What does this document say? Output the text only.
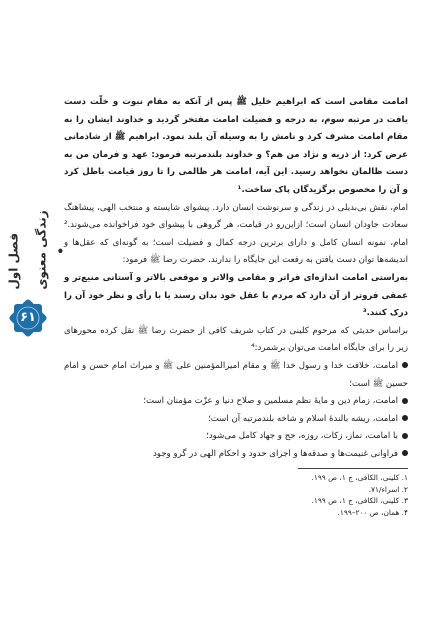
فصل اول	•
زندگی معنوی
۶۱

امامت مقامی است که ابراهیم خلیل ﷺ پس از آنکه به مقام نبوت و خلّت دست یافت در مرتبه سوم، به درجه و فضیلت امامت مفتخر گردید و خداوند ایشان را به مقام امامت مشرف کرد و نامش را به وسیله آن بلند نمود. ابراهیم ﷺ از شادمانی عرض کرد: از ذریه و نژاد من هم؟ و خداوند بلندمرتبه فرمود: عهد و فرمان من به دست ظالمان نخواهد رسید. این آیه، امامت هر ظالمی را تا روز قیامت باطل کرد و آن را مخصوص برگزیدگان پاک ساخت.¹

امام، نقش بی‌بدیلی در زندگی و سرنوشت انسان دارد. پیشوای شایسته و منتخب الهی، پیشاهنگ سعادت جاودان انسان است؛ ازاین‌رو در قیامت، هر گروهی با پیشوای خود فراخوانده می‌شوند.² امام، نمونه انسان کامل و دارای برترین درجه کمال و فضیلت است؛ به گونه‌ای که عقل‌ها و اندیشه‌ها توان دست یافتن به رفعت این جایگاه را ندارند. حضرت رضا ﷺ فرمود:

به‌راستی امامت اندازه‌ای فراتر و مقامی والاتر و موقعی بالاتر و آستانی منیع‌تر و عمقی فروتر از آن دارد که مردم با عقل خود بدان رسند یا با رأی و نظر خود آن را درک کنند.³

براساس حدیثی که مرحوم کلینی در کتاب شریف کافی از حضرت رضا ﷺ نقل کرده محورهای زیر را برای جایگاه امامت می‌توان برشمرد:⁴

امامت، خلافت خدا و رسول خدا ﷺ و مقام امیرالمؤمنین علی ﷺ و میراث امام حسن و امام حسین ﷺ است؛
امامت، زمام دین و مایهٔ نظم مسلمین و صلاح دنیا و عزّت مؤمنان است؛
امامت، ریشه بالندهٔ اسلام و شاخه بلندمرتبه آن است؛
با امامت، نماز، زکات، روزه، حج و جهاد کامل می‌شود؛
فراوانی غنیمت‌ها و صدقه‌ها و اجرای حدود و احکام الهی در گرو وجود

۱. کلینی، الکافی، ج ۱، ص ۱۹۹.

۲. اسراء/۷۱.

۳. کلینی، الکافی، ج ۱، ص ۱۹۹.

۴. همان، ص ۲۰۰–۱۹۹.
